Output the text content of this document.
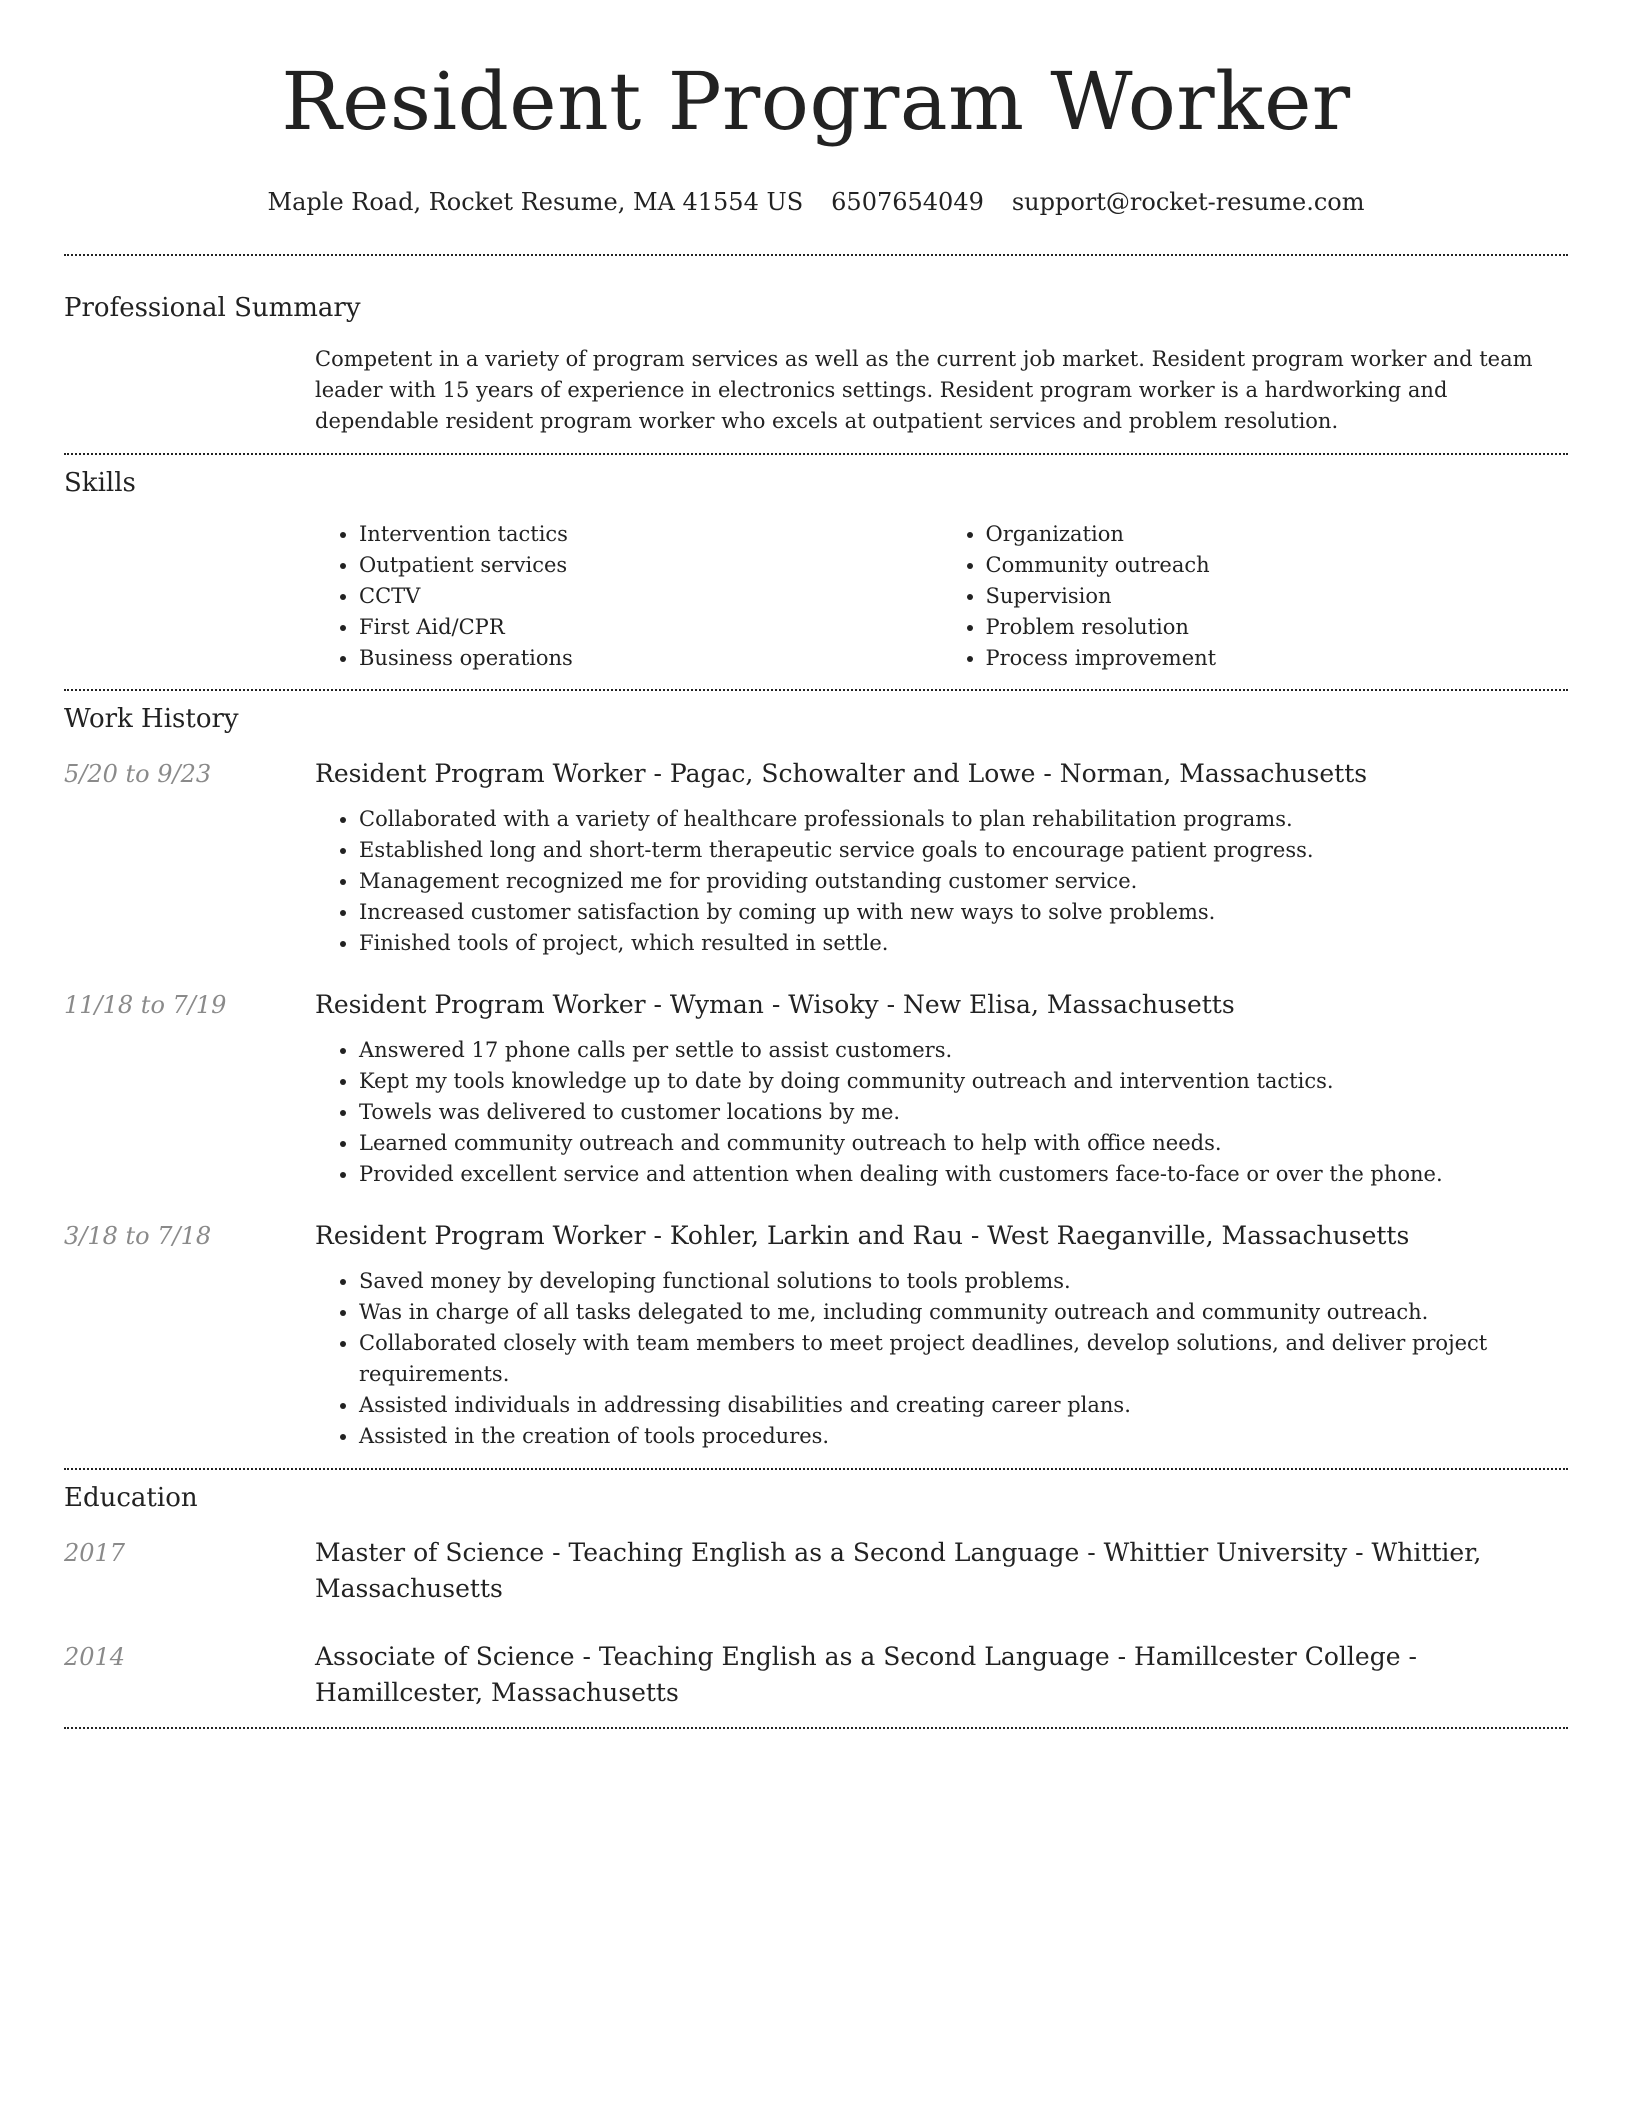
Resident Program Worker
Maple Road, Rocket Resume, MA 41554 US 6507654049 support@rocket-resume.com
Professional Summary

Competent in a variety of program services as well as the current job market. Resident program worker and team leader with 15 years of experience in electronics settings. Resident program worker is a hardworking and dependable resident program worker who excels at outpatient services and problem resolution.

Skills
• Intervention tactics
• Outpatient services
• CCTV
• First Aid/CPR
• Business operations
• Organization
• Community outreach
• Supervision
• Problem resolution
• Process improvement
Work History
5/20 to 9/23	Resident Program Worker - Pagac, Schowalter and Lowe - Norman, Massachusetts
• Collaborated with a variety of healthcare professionals to plan rehabilitation programs.
• Established long and short-term therapeutic service goals to encourage patient progress.
• Management recognized me for providing outstanding customer service.
• Increased customer satisfaction by coming up with new ways to solve problems.
• Finished tools of project, which resulted in settle.
11/18 to 7/19	Resident Program Worker - Wyman - Wisoky - New Elisa, Massachusetts
• Answered 17 phone calls per settle to assist customers.
• Kept my tools knowledge up to date by doing community outreach and intervention tactics.
• Towels was delivered to customer locations by me.
• Learned community outreach and community outreach to help with office needs.
• Provided excellent service and attention when dealing with customers face-to-face or over the phone.
3/18 to 7/18	Resident Program Worker - Kohler, Larkin and Rau - West Raeganville, Massachusetts
• Saved money by developing functional solutions to tools problems.
• Was in charge of all tasks delegated to me, including community outreach and community outreach.
• Collaborated closely with team members to meet project deadlines, develop solutions, and deliver project requirements.
• Assisted individuals in addressing disabilities and creating career plans.
• Assisted in the creation of tools procedures.
Education
2017	Master of Science - Teaching English as a Second Language - Whittier University - Whittier, Massachusetts
2014	Associate of Science - Teaching English as a Second Language - Hamillcester College - Hamillcester, Massachusetts
